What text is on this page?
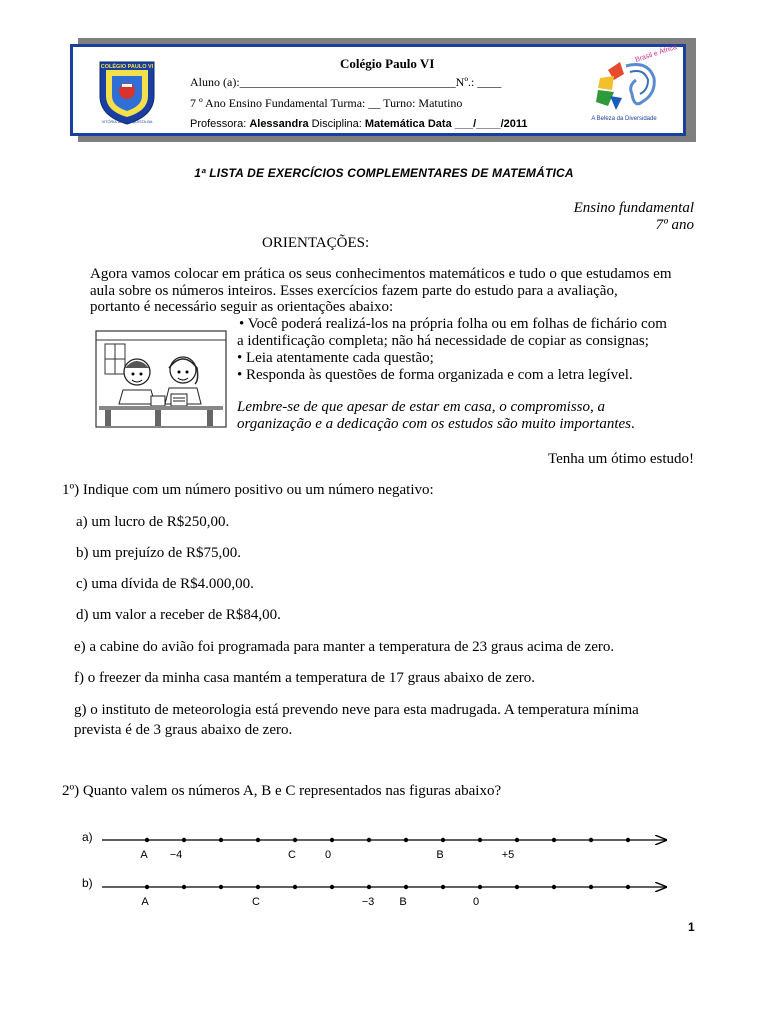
COLÉGIO PAULO VI
VITÓRIA DA CONQUISTA-BA
Colégio Paulo VI
Aluno (a):____________________________________Nº.: ____
7 º Ano Ensino Fundamental Turma: __ Turno: Matutino
Professora: Alessandra Disciplina: Matemática Data ___/____/2011
Brasil e África
A Beleza da Diversidade
1ª LISTA DE EXERCÍCIOS COMPLEMENTARES DE MATEMÁTICA
Ensino fundamental
7º ano
ORIENTAÇÕES:
Agora vamos colocar em prática os seus conhecimentos matemáticos e tudo o que estudamos em
aula sobre os números inteiros. Esses exercícios fazem parte do estudo para a avaliação,
portanto é necessário seguir as orientações abaixo:
• Você poderá realizá-los na própria folha ou em folhas de fichário com
a identificação completa; não há necessidade de copiar as consignas;
• Leia atentamente cada questão;
• Responda às questões de forma organizada e com a letra legível.
Lembre-se de que apesar de estar em casa, o compromisso, a
organização e a dedicação com os estudos são muito importantes.
Tenha um ótimo estudo!
1º) Indique com um número positivo ou um número negativo:
a) um lucro de R$250,00.
b) um prejuízo de R$75,00.
c) uma dívida de R$4.000,00.
d) um valor a receber de R$84,00.
e) a cabine do avião foi programada para manter a temperatura de 23 graus acima de zero.
f) o freezer da minha casa mantém a temperatura de 17 graus abaixo de zero.
g) o instituto de meteorologia está prevendo neve para esta madrugada. A temperatura mínima
prevista é de 3 graus abaixo de zero.
2º) Quanto valem os números A, B e C representados nas figuras abaixo?
a)
A −4	C	0	B	+5
b)
A	C	−3 B	0
1
